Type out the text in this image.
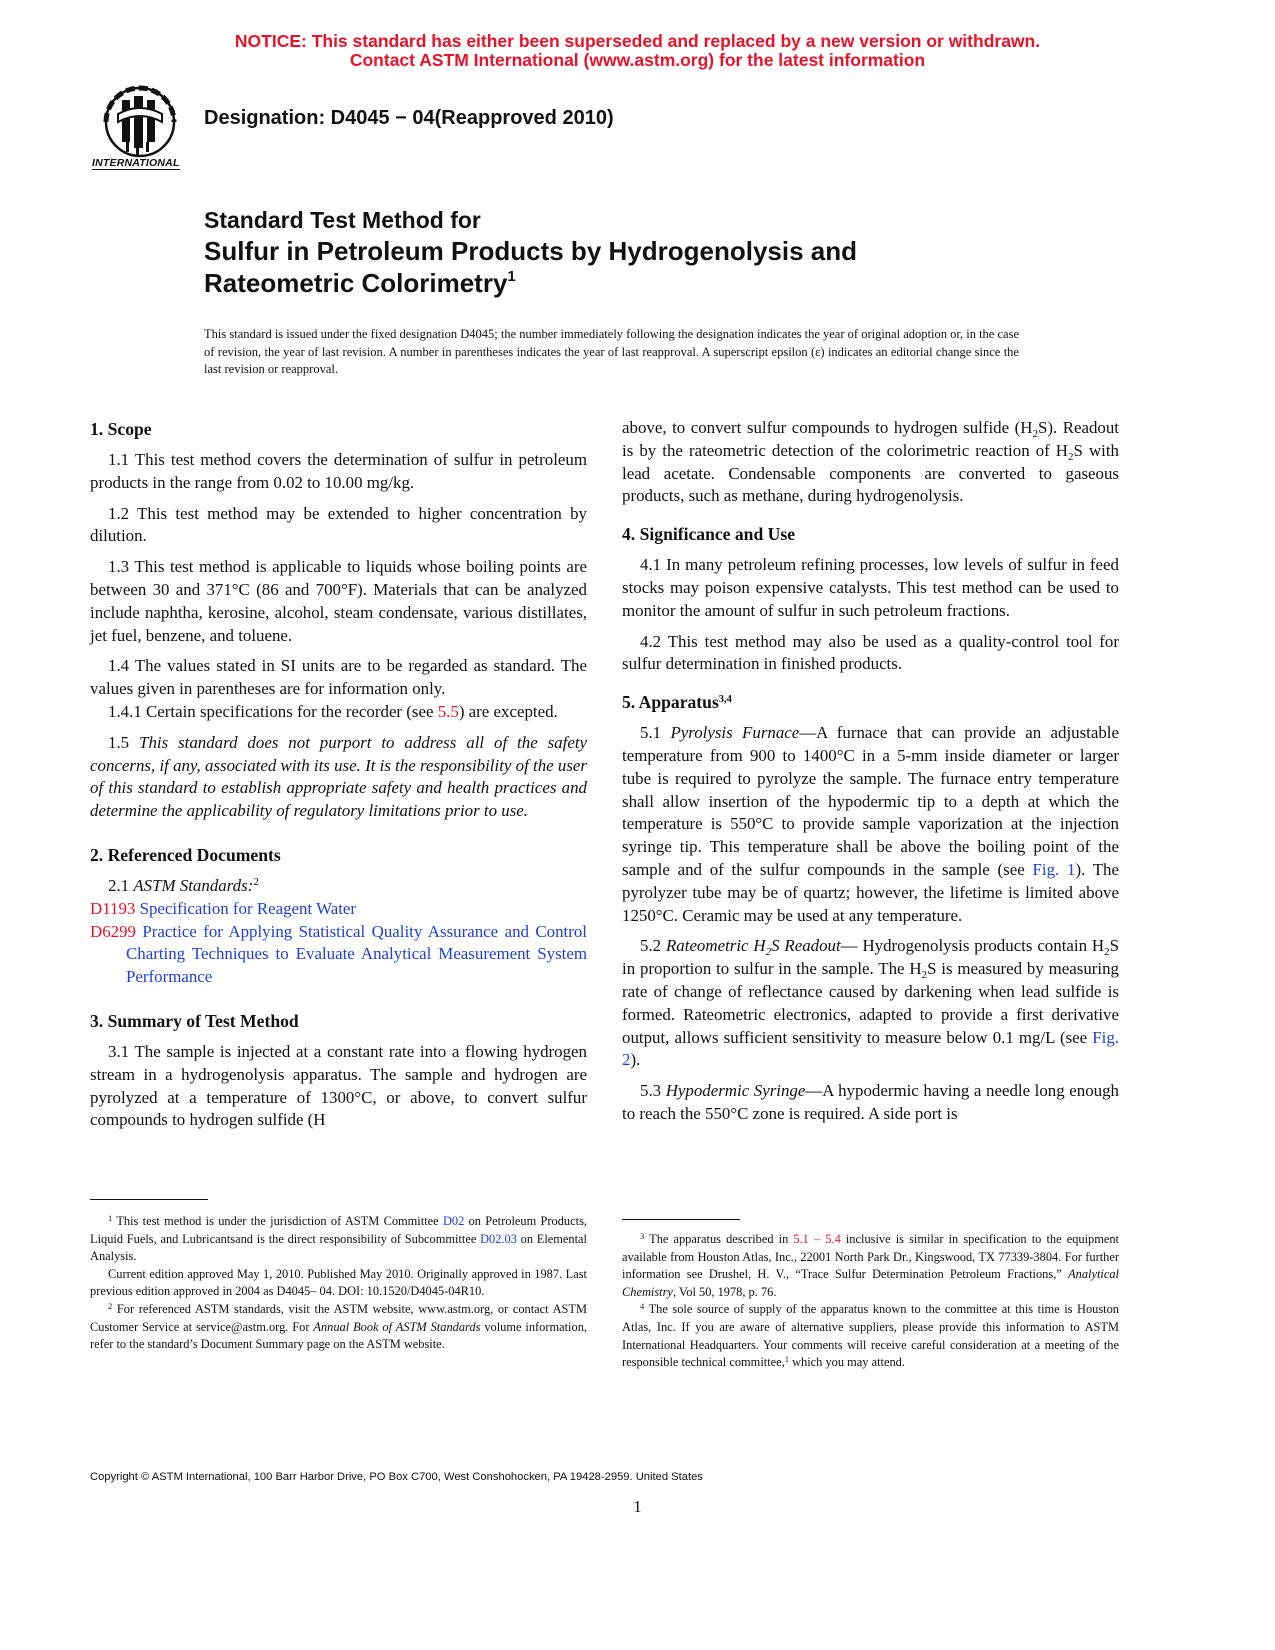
NOTICE: This standard has either been superseded and replaced by a new version or withdrawn.
Contact ASTM International (www.astm.org) for the latest information
INTERNATIONAL
Designation: D4045 − 04(Reapproved 2010)
Standard Test Method for
Sulfur in Petroleum Products by Hydrogenolysis and
Rateometric Colorimetry$^1$
This standard is issued under the fixed designation D4045; the number immediately following the designation indicates the year of original adoption or, in the case of revision, the year of last revision. A number in parentheses indicates the year of last reapproval. A superscript epsilon (ε) indicates an editorial change since the last revision or reapproval.
1. Scope

1.1 This test method covers the determination of sulfur in petroleum products in the range from 0.02 to 10.00 mg/kg.

1.2 This test method may be extended to higher concentration by dilution.

1.3 This test method is applicable to liquids whose boiling points are between 30 and 371°C (86 and 700°F). Materials that can be analyzed include naphtha, kerosine, alcohol, steam condensate, various distillates, jet fuel, benzene, and toluene.

1.4 The values stated in SI units are to be regarded as standard. The values given in parentheses are for information only.

1.4.1 Certain specifications for the recorder (see 5.5) are excepted.

1.5 This standard does not purport to address all of the safety concerns, if any, associated with its use. It is the responsibility of the user of this standard to establish appropriate safety and health practices and determine the applicability of regulatory limitations prior to use.

2. Referenced Documents

2.1 ASTM Standards:$^2$

D1193 Specification for Reagent Water

D6299 Practice for Applying Statistical Quality Assurance and Control Charting Techniques to Evaluate Analytical Measurement System Performance

3. Summary of Test Method

3.1 The sample is injected at a constant rate into a flowing hydrogen stream in a hydrogenolysis apparatus. The sample and hydrogen are pyrolyzed at a temperature of 1300°C, or above, to convert sulfur compounds to hydrogen sulfide (H

above, to convert sulfur compounds to hydrogen sulfide $(H_2S)$. Readout is by the rateometric detection of the colorimetric reaction of $H_2S$ with lead acetate. Condensable components are converted to gaseous products, such as methane, during hydrogenolysis.

4. Significance and Use

4.1 In many petroleum refining processes, low levels of sulfur in feed stocks may poison expensive catalysts. This test method can be used to monitor the amount of sulfur in such petroleum fractions.

4.2 This test method may also be used as a quality-control tool for sulfur determination in finished products.

5. Apparatus$^{3,4}$

5.1 Pyrolysis Furnace—A furnace that can provide an adjustable temperature from 900 to 1400°C in a 5-mm inside diameter or larger tube is required to pyrolyze the sample. The furnace entry temperature shall allow insertion of the hypodermic tip to a depth at which the temperature is 550°C to provide sample vaporization at the injection syringe tip. This temperature shall be above the boiling point of the sample and of the sulfur compounds in the sample (see Fig. 1). The pyrolyzer tube may be of quartz; however, the lifetime is limited above 1250°C. Ceramic may be used at any temperature.

5.2 Rateometric $H_2S$ Readout— Hydrogenolysis products contain $H_2S$ in proportion to sulfur in the sample. The $H_2S$ is measured by measuring rate of change of reflectance caused by darkening when lead sulfide is formed. Rateometric electronics, adapted to provide a first derivative output, allows sufficient sensitivity to measure below 0.1 mg/L (see Fig. 2).

5.3 Hypodermic Syringe—A hypodermic having a needle long enough to reach the 550°C zone is required. A side port is

$^1$ This test method is under the jurisdiction of ASTM Committee D02 on Petroleum Products, Liquid Fuels, and Lubricantsand is the direct responsibility of Subcommittee D02.03 on Elemental Analysis.

Current edition approved May 1, 2010. Published May 2010. Originally approved in 1987. Last previous edition approved in 2004 as D4045– 04. DOI: 10.1520/D4045-04R10.

$^2$ For referenced ASTM standards, visit the ASTM website, www.astm.org, or contact ASTM Customer Service at service@astm.org. For Annual Book of ASTM Standards volume information, refer to the standard’s Document Summary page on the ASTM website.

$^3$ The apparatus described in 5.1 – 5.4 inclusive is similar in specification to the equipment available from Houston Atlas, Inc., 22001 North Park Dr., Kingswood, TX 77339-3804. For further information see Drushel, H. V., “Trace Sulfur Determination Petroleum Fractions,” Analytical Chemistry, Vol 50, 1978, p. 76.

$^4$ The sole source of supply of the apparatus known to the committee at this time is Houston Atlas, Inc. If you are aware of alternative suppliers, please provide this information to ASTM International Headquarters. Your comments will receive careful consideration at a meeting of the responsible technical committee,$^1$ which you may attend.

Copyright © ASTM International, 100 Barr Harbor Drive, PO Box C700, West Conshohocken, PA 19428-2959. United States
1
